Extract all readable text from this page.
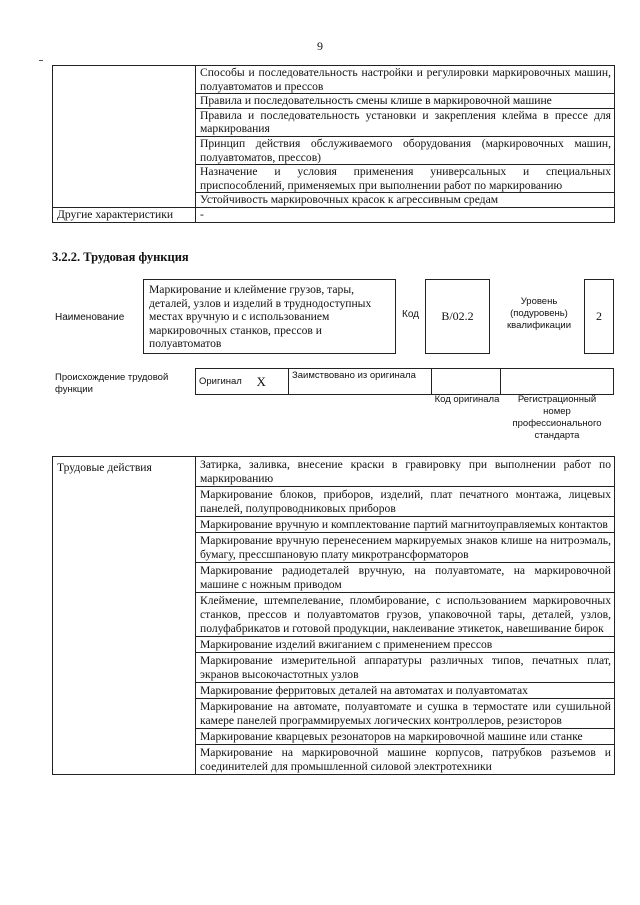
9
	Способы и последовательность настройки и регулировки маркировочных машин, полуавтоматов и прессов
	Правила и последовательность смены клише в маркировочной машине
	Правила и последовательность установки и закрепления клейма в прессе для маркирования
	Принцип действия обслуживаемого оборудования (маркировочных машин, полуавтоматов, прессов)
	Назначение и условия применения универсальных и специальных приспособлений, применяемых при выполнении работ по маркированию
	Устойчивость маркировочных красок к агрессивным средам
Другие характеристики	-
3.2.2. Трудовая функция
Наименование
Маркирование и клеймение грузов, тары, деталей, узлов и изделий в труднодоступных местах вручную и с использованием маркировочных станков, прессов и полуавтоматов
Код	B/02.2
Уровень (подуровень) квалификации
2
Происхождение трудовой функции
Оригинал	X	Заимствовано из оригинала		
Код оригинала	Регистрационный номер профессионального стандарта
Трудовые действия	Затирка, заливка, внесение краски в гравировку при выполнении работ по маркированию
Маркирование блоков, приборов, изделий, плат печатного монтажа, лицевых панелей, полупроводниковых приборов
Маркирование вручную и комплектование партий магнитоуправляемых контактов
Маркирование вручную перенесением маркируемых знаков клише на нитроэмаль, бумагу, прессшпановую плату микротрансформаторов
Маркирование радиодеталей вручную, на полуавтомате, на маркировочной машине с ножным приводом
Клеймение, штемпелевание, пломбирование, с использованием маркировочных станков, прессов и полуавтоматов грузов, упаковочной тары, деталей, узлов, полуфабрикатов и готовой продукции, наклеивание этикеток, навешивание бирок
Маркирование изделий вжиганием с применением прессов
Маркирование измерительной аппаратуры различных типов, печатных плат, экранов высокочастотных узлов
Маркирование ферритовых деталей на автоматах и полуавтоматах
Маркирование на автомате, полуавтомате и сушка в термостате или сушильной камере панелей программируемых логических контроллеров, резисторов
Маркирование кварцевых резонаторов на маркировочной машине или станке
Маркирование на маркировочной машине корпусов, патрубков разъемов и соединителей для промышленной силовой электротехники
